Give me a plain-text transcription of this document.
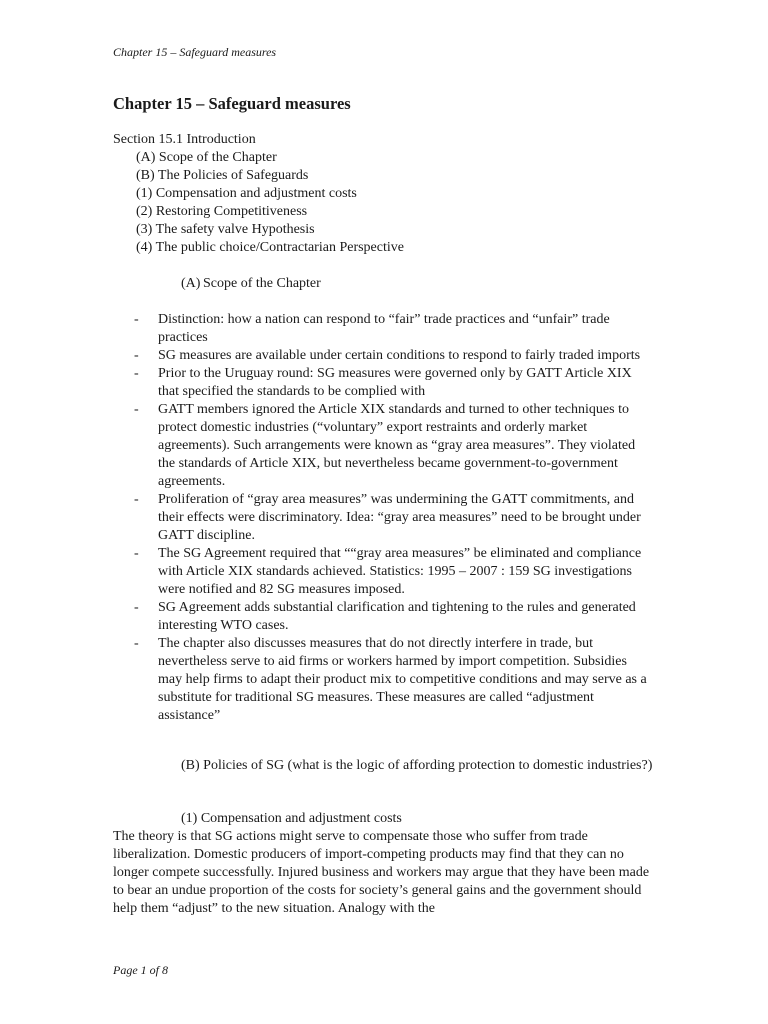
Chapter 15 – Safeguard measures
Chapter 15 – Safeguard measures
Section 15.1 Introduction
(A) Scope of the Chapter
(B) The Policies of Safeguards
(1) Compensation and adjustment costs
(2) Restoring Competitiveness
(3) The safety valve Hypothesis
(4) The public choice/Contractarian Perspective
(A) Scope of the Chapter
- Distinction: how a nation can respond to “fair” trade practices and “unfair” trade practices
- SG measures are available under certain conditions to respond to fairly traded imports
- Prior to the Uruguay round: SG measures were governed only by GATT Article XIX that specified the standards to be complied with
- GATT members ignored the Article XIX standards and turned to other techniques to protect domestic industries (“voluntary” export restraints and orderly market agreements). Such arrangements were known as “gray area measures”. They violated the standards of Article XIX, but nevertheless became government-to-government agreements.
- Proliferation of “gray area measures” was undermining the GATT commitments, and their effects were discriminatory. Idea: “gray area measures” need to be brought under GATT discipline.
- The SG Agreement required that ““gray area measures” be eliminated and compliance with Article XIX standards achieved. Statistics: 1995 – 2007 : 159 SG investigations were notified and 82 SG measures imposed.
- SG Agreement adds substantial clarification and tightening to the rules and generated interesting WTO cases.
- The chapter also discusses measures that do not directly interfere in trade, but nevertheless serve to aid firms or workers harmed by import competition. Subsidies may help firms to adapt their product mix to competitive conditions and may serve as a substitute for traditional SG measures. These measures are called “adjustment assistance”
(B) Policies of SG (what is the logic of affording protection to domestic industries?)
(1) Compensation and adjustment costs

The theory is that SG actions might serve to compensate those who suffer from trade liberalization. Domestic producers of import-competing products may find that they can no longer compete successfully. Injured business and workers may argue that they have been made to bear an undue proportion of the costs for society’s general gains and the government should help them “adjust” to the new situation. Analogy with the

Page 1 of 8
